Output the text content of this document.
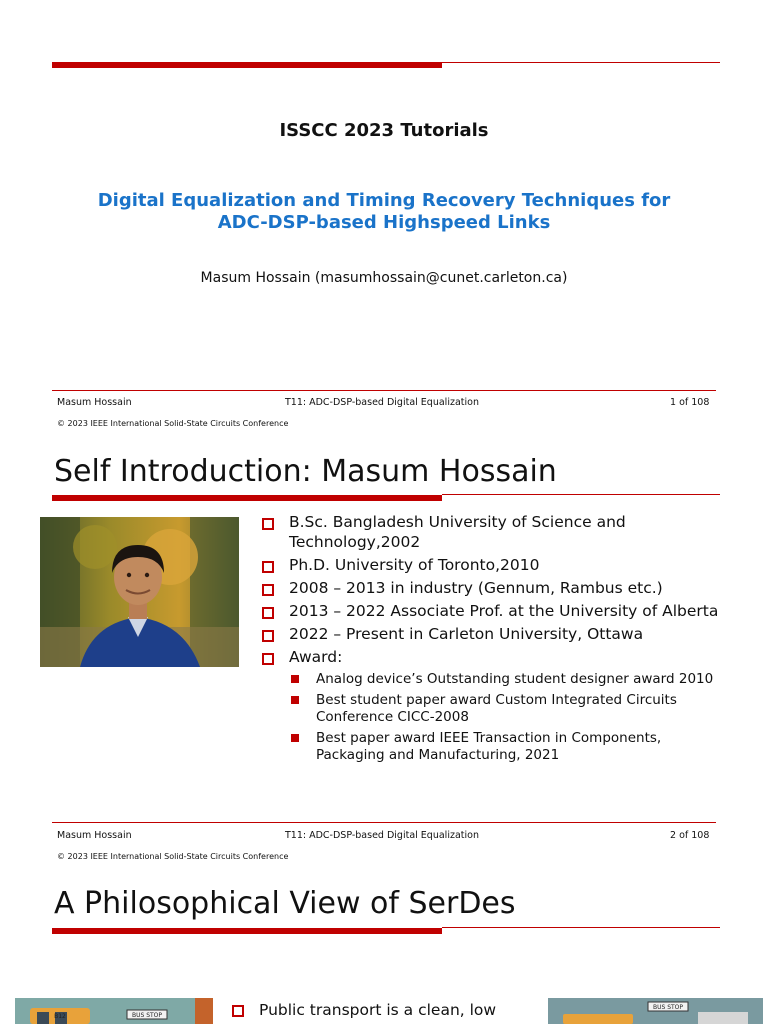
ISSCC 2023 Tutorials
Digital Equalization and Timing Recovery Techniques for
ADC-DSP-based Highspeed Links
Masum Hossain (masumhossain@cunet.carleton.ca)
Masum Hossain	T11: ADC-DSP-based Digital Equalization	1 of 108
© 2023 IEEE International Solid-State Circuits Conference
Self Introduction: Masum Hossain
B.Sc. Bangladesh University of Science and Technology,2002
Ph.D. University of Toronto,2010
2008 – 2013 in industry (Gennum, Rambus etc.)
2013 – 2022 Associate Prof. at the University of Alberta
2022 – Present in Carleton University, Ottawa
Award:
Analog device’s Outstanding student designer award 2010
Best student paper award Custom Integrated Circuits Conference CICC-2008
Best paper award IEEE Transaction in Components, Packaging and Manufacturing, 2021
Masum Hossain	T11: ADC-DSP-based Digital Equalization	2 of 108
© 2023 IEEE International Solid-State Circuits Conference
A Philosophical View of SerDes
BUS STOP
B12	Public transport is a clean, low	BUS STOP
